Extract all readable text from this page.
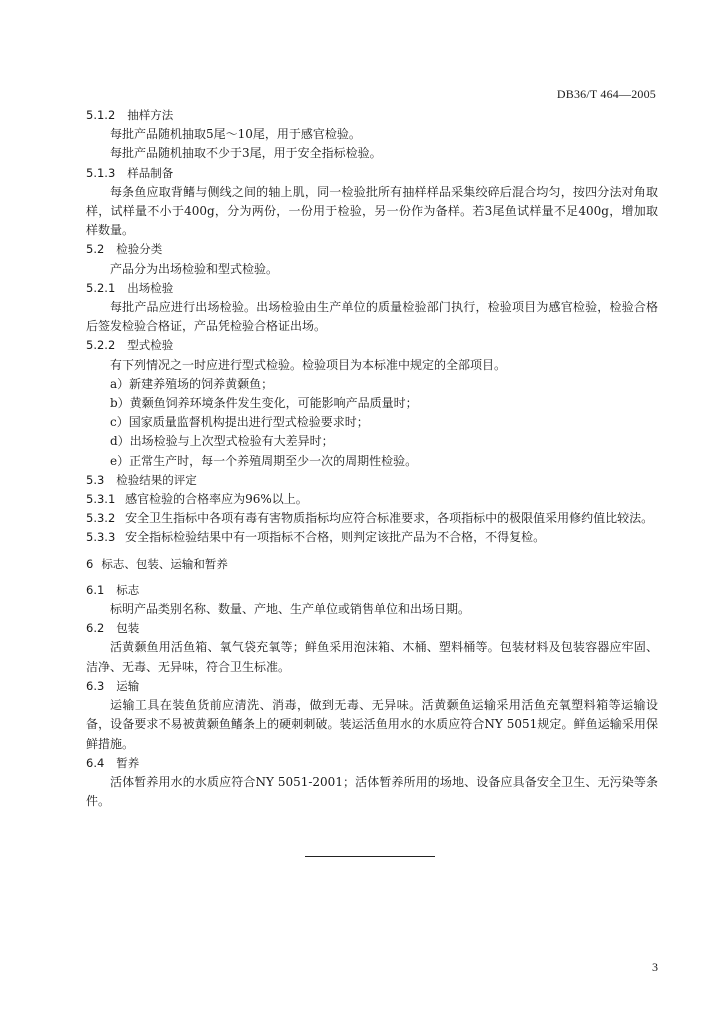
DB36/T 464—2005
5.1.2 抽样方法
每批产品随机抽取5尾～10尾，用于感官检验。
每批产品随机抽取不少于3尾，用于安全指标检验。
5.1.3 样品制备
每条鱼应取背鳍与侧线之间的轴上肌，同一检验批所有抽样样品采集绞碎后混合均匀，按四分法对角取样，试样量不小于400g，分为两份，一份用于检验，另一份作为备样。若3尾鱼试样量不足400g，增加取样数量。
5.2 检验分类
产品分为出场检验和型式检验。
5.2.1 出场检验
每批产品应进行出场检验。出场检验由生产单位的质量检验部门执行，检验项目为感官检验，检验合格后签发检验合格证，产品凭检验合格证出场。
5.2.2 型式检验
有下列情况之一时应进行型式检验。检验项目为本标准中规定的全部项目。
a）新建养殖场的饲养黄颡鱼；
b）黄颡鱼饲养环境条件发生变化，可能影响产品质量时；
c）国家质量监督机构提出进行型式检验要求时；
d）出场检验与上次型式检验有大差异时；
e）正常生产时，每一个养殖周期至少一次的周期性检验。
5.3 检验结果的评定
5.3.1 感官检验的合格率应为96%以上。
5.3.2 安全卫生指标中各项有毒有害物质指标均应符合标准要求，各项指标中的极限值采用修约值比较法。
5.3.3 安全指标检验结果中有一项指标不合格，则判定该批产品为不合格，不得复检。
6 标志、包装、运输和暂养
6.1 标志
标明产品类别名称、数量、产地、生产单位或销售单位和出场日期。
6.2 包装
活黄颡鱼用活鱼箱、氧气袋充氧等；鲜鱼采用泡沫箱、木桶、塑料桶等。包装材料及包装容器应牢固、洁净、无毒、无异味，符合卫生标准。
6.3 运输
运输工具在装鱼货前应清洗、消毒，做到无毒、无异味。活黄颡鱼运输采用活鱼充氧塑料箱等运输设备，设备要求不易被黄颡鱼鳍条上的硬刺刺破。装运活鱼用水的水质应符合NY 5051规定。鲜鱼运输采用保鲜措施。
6.4 暂养
活体暂养用水的水质应符合NY 5051-2001；活体暂养所用的场地、设备应具备安全卫生、无污染等条件。
3
